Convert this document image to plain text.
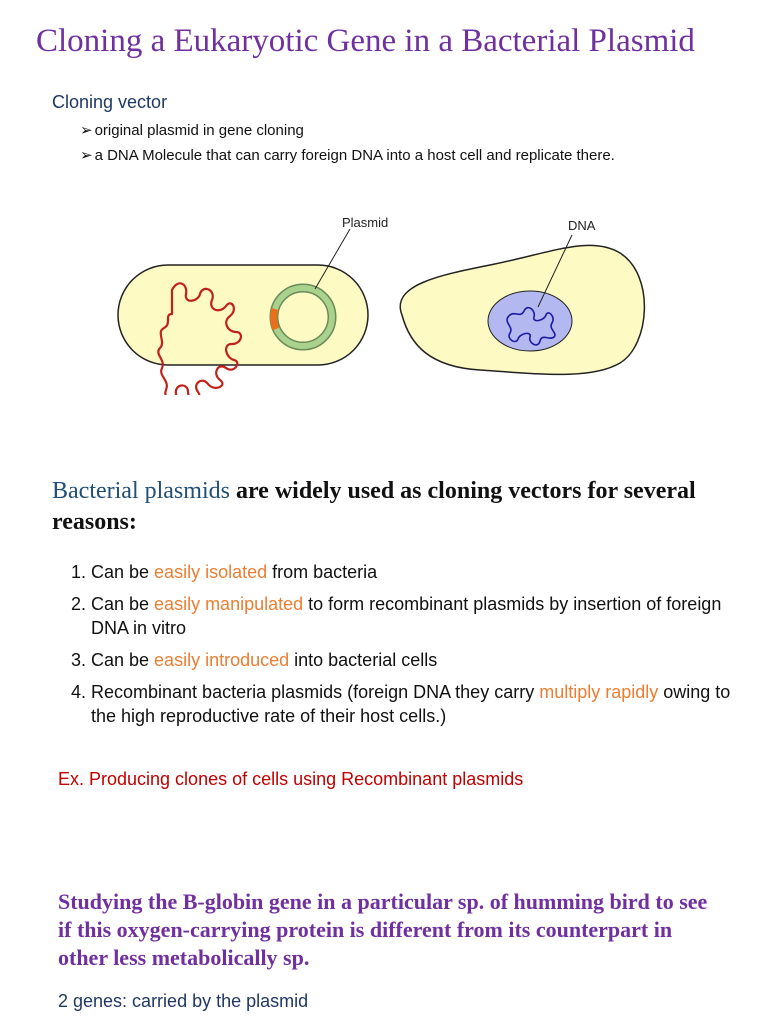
Cloning a Eukaryotic Gene in a Bacterial Plasmid
Cloning vector
➢ original plasmid in gene cloning
➢ a DNA Molecule that can carry foreign DNA into a host cell and replicate there.
Plasmid	DNA
Bacterial plasmids are widely used as cloning vectors for several reasons:
1. Can be easily isolated from bacteria
2. Can be easily manipulated to form recombinant plasmids by insertion of foreign DNA in vitro
3. Can be easily introduced into bacterial cells
4. Recombinant bacteria plasmids (foreign DNA they carry multiply rapidly owing to the high reproductive rate of their host cells.)
Ex. Producing clones of cells using Recombinant plasmids
Studying the B-globin gene in a particular sp. of humming bird to see if this oxygen-carrying protein is different from its counterpart in other less metabolically sp.
2 genes: carried by the plasmid
